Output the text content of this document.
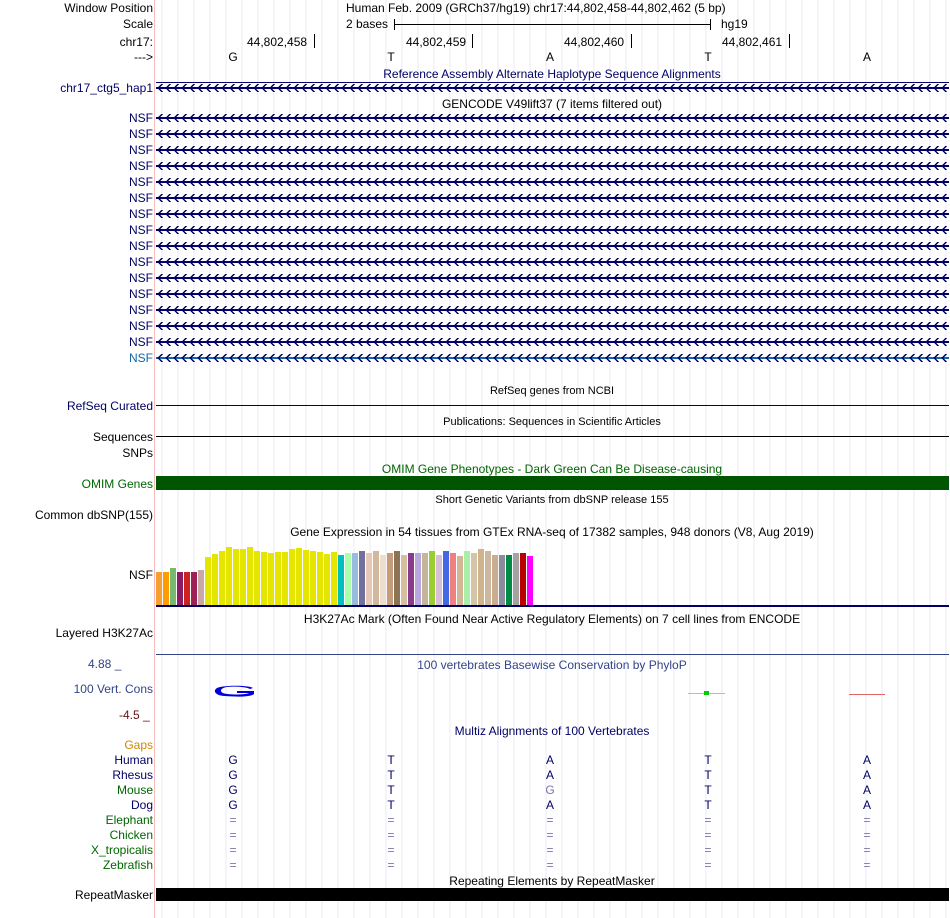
Window Position	Human Feb. 2009 (GRCh37/hg19) chr17:44,802,458-44,802,462 (5 bp)
Scale	2 bases	hg19
chr17:	44,802,458	44,802,459	44,802,460	44,802,461
--->	G	T	A	T	A
Reference Assembly Alternate Haplotype Sequence Alignments
chr17_ctg5_hap1
GENCODE V49lift37 (7 items filtered out)
NSF
NSF
NSF
NSF
NSF
NSF
NSF
NSF
NSF
NSF
NSF
NSF
NSF
NSF
NSF
NSF
RefSeq genes from NCBI
RefSeq Curated
Publications: Sequences in Scientific Articles
Sequences
SNPs
OMIM Gene Phenotypes - Dark Green Can Be Disease-causing
OMIM Genes
Short Genetic Variants from dbSNP release 155
Common dbSNP(155)
Gene Expression in 54 tissues from GTEx RNA-seq of 17382 samples, 948 donors (V8, Aug 2019)
NSF
H3K27Ac Mark (Often Found Near Active Regulatory Elements) on 7 cell lines from ENCODE
Layered H3K27Ac
4.88 _	100 vertebrates Basewise Conservation by PhyloP
100 Vert. Cons
-4.5 _
Multiz Alignments of 100 Vertebrates
Gaps
Human	G	T	A	T	A
Rhesus	G	T	A	T	A
Mouse	G	T	G	T	A
Dog	G	T	A	T	A
Elephant	=	=	=	=	=
Chicken	=	=	=	=	=
X_tropicalis	=	=	=	=	=
Zebrafish	=	=	=	=	=
Repeating Elements by RepeatMasker
RepeatMasker
